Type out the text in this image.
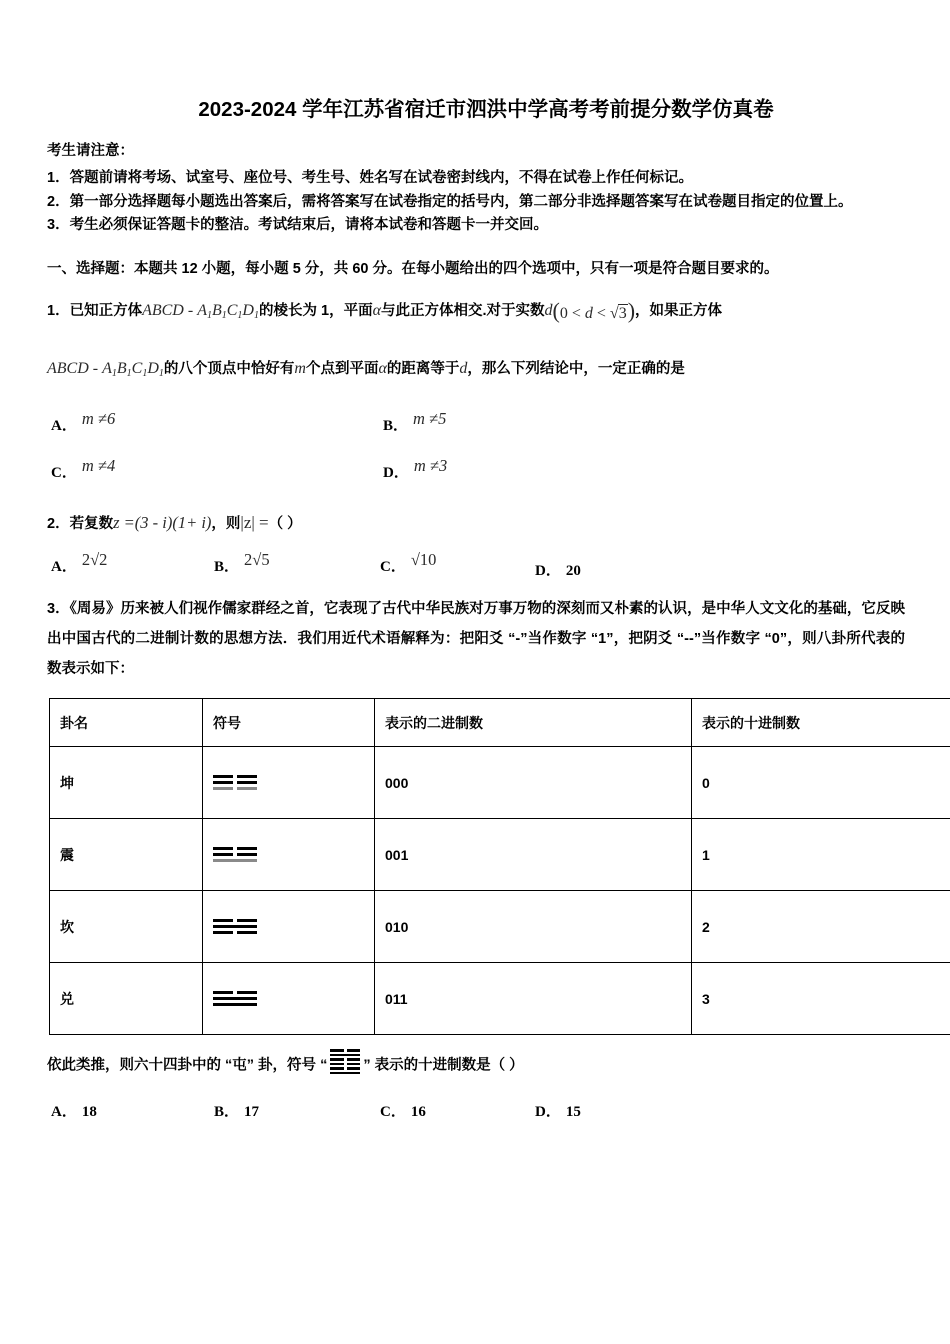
2023-2024 学年江苏省宿迁市泗洪中学高考考前提分数学仿真卷

考生请注意：

1．答题前请将考场、试室号、座位号、考生号、姓名写在试卷密封线内，不得在试卷上作任何标记。

2．第一部分选择题每小题选出答案后，需将答案写在试卷指定的括号内，第二部分非选择题答案写在试卷题目指定的位置上。

3．考生必须保证答题卡的整洁。考试结束后，请将本试卷和答题卡一并交回。

一、选择题：本题共 12 小题，每小题 5 分，共 60 分。在每小题给出的四个选项中，只有一项是符合题目要求的。
1．已知正方体ABCD - $A_1B_1C_1D_1$的棱长为 1，平面α与此正方体相交.对于实数d(0 < d < √3)，如果正方体
ABCD - $A_1B_1C_1D_1$的八个顶点中恰好有m个点到平面α的距离等于d，那么下列结论中，一定正确的是
A． m ≠6	B． m ≠5
C． m ≠4	D． m ≠3
2．若复数z =(3 - i)(1+ i)，则|z| =（ ）
A． 2√2	B． 2√5	C． √10
D． 20
3．《周易》历来被人们视作儒家群经之首，它表现了古代中华民族对万事万物的深刻而又朴素的认识，是中华人文文化的基础，它反映出中国古代的二进制计数的思想方法．我们用近代术语解释为：把阳爻 “-”当作数字 “1”，把阴爻 “--”当作数字 “0”，则八卦所代表的数表示如下：
卦名	符号	表示的二进制数	表示的十进制数
坤		000	0
震		001	1
坎		010	2
兑		011	3
依此类推，则六十四卦中的 “屯” 卦，符号 “ ” 表示的十进制数是（ ）
A． 18	B． 17	C． 16	D． 15
